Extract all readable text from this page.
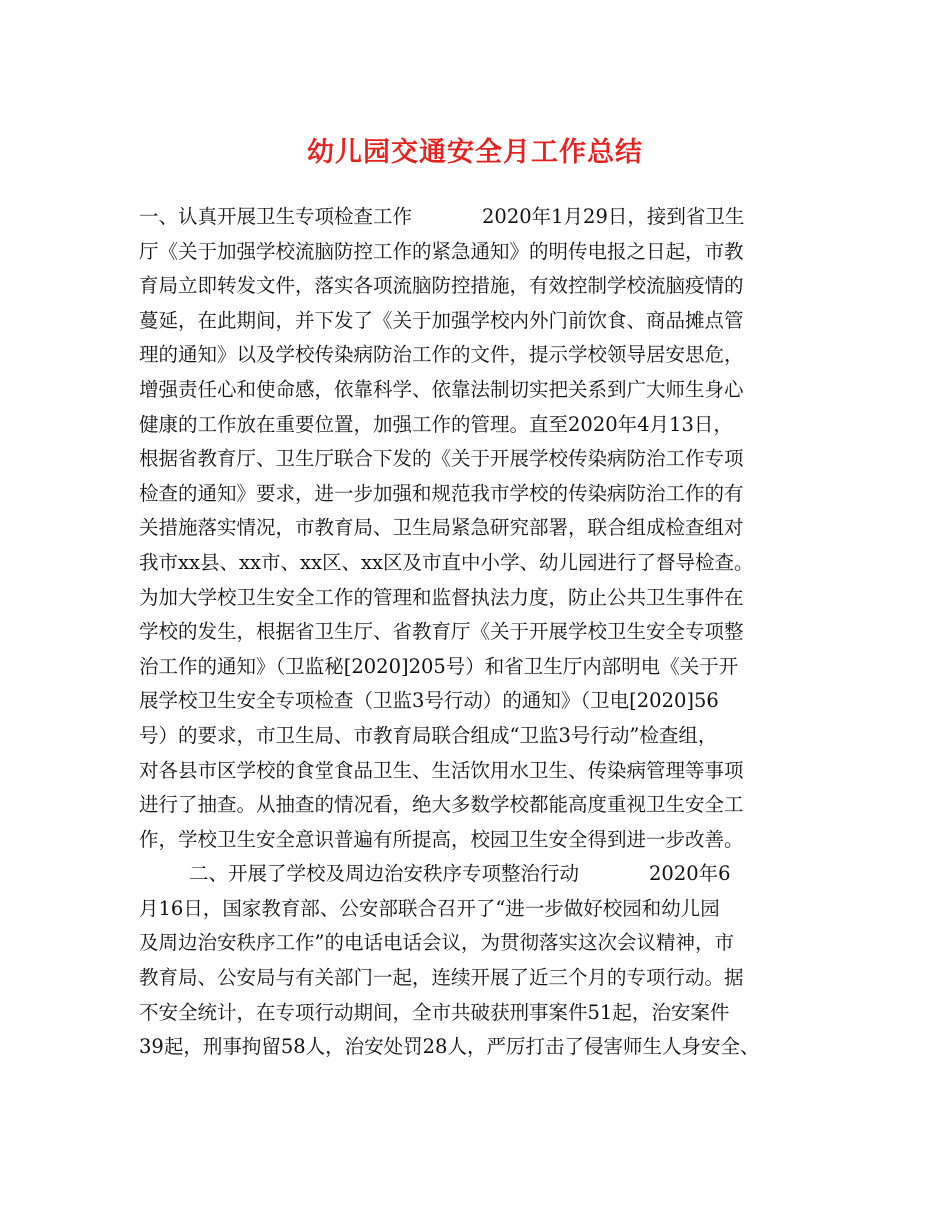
幼儿园交通安全月工作总结
一、认真开展卫生专项检查工作	2020年1月29日，接到省卫生
厅《关于加强学校流脑防控工作的紧急通知》的明传电报之日起，市教
育局立即转发文件，落实各项流脑防控措施，有效控制学校流脑疫情的
蔓延，在此期间，并下发了《关于加强学校内外门前饮食、商品摊点管
理的通知》以及学校传染病防治工作的文件，提示学校领导居安思危，
增强责任心和使命感，依靠科学、依靠法制切实把关系到广大师生身心
健康的工作放在重要位置，加强工作的管理。直至2020年4月13日，
根据省教育厅、卫生厅联合下发的《关于开展学校传染病防治工作专项
检查的通知》要求，进一步加强和规范我市学校的传染病防治工作的有
关措施落实情况，市教育局、卫生局紧急研究部署，联合组成检查组对
我市xx县、xx市、xx区、xx区及市直中小学、幼儿园进行了督导检查。
为加大学校卫生安全工作的管理和监督执法力度，防止公共卫生事件在
学校的发生，根据省卫生厅、省教育厅《关于开展学校卫生安全专项整
治工作的通知》（卫监秘[2020]205号）和省卫生厅内部明电《关于开
展学校卫生安全专项检查（卫监3号行动）的通知》（卫电[2020]56
号）的要求，市卫生局、市教育局联合组成“卫监3号行动”检查组，
对各县市区学校的食堂食品卫生、生活饮用水卫生、传染病管理等事项
进行了抽查。从抽查的情况看，绝大多数学校都能高度重视卫生安全工
作，学校卫生安全意识普遍有所提高，校园卫生安全得到进一步改善。
二、开展了学校及周边治安秩序专项整治行动	2020年6
月16日，国家教育部、公安部联合召开了“进一步做好校园和幼儿园
及周边治安秩序工作”的电话电话会议，为贯彻落实这次会议精神，市
教育局、公安局与有关部门一起，连续开展了近三个月的专项行动。据
不安全统计，在专项行动期间，全市共破获刑事案件51起，治安案件
39起，刑事拘留58人，治安处罚28人，严厉打击了侵害师生人身安全、
